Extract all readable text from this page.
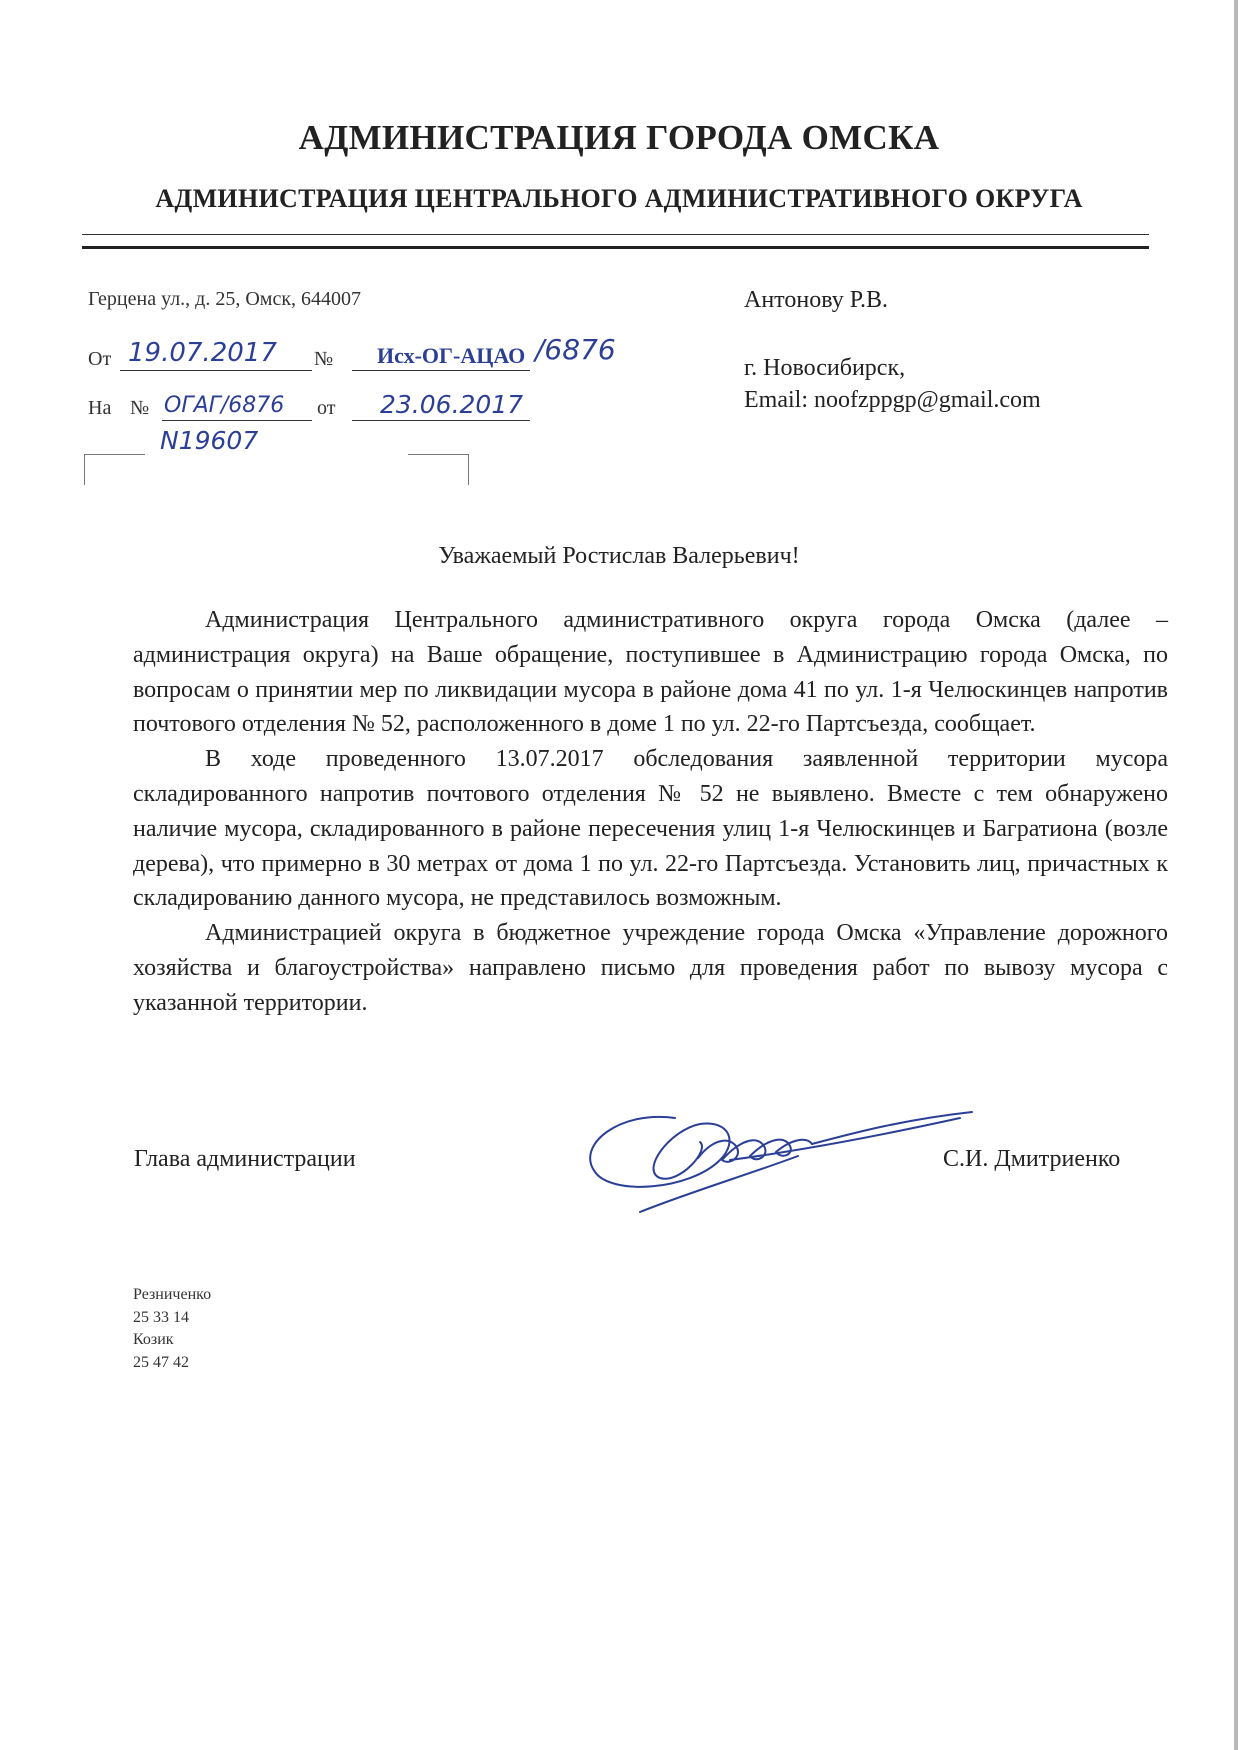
АДМИНИСТРАЦИЯ ГОРОДА ОМСКА
АДМИНИСТРАЦИЯ ЦЕНТРАЛЬНОГО АДМИНИСТРАТИВНОГО ОКРУГА
Герцена ул., д. 25, Омск, 644007
От 19.07.2017 № Исх-ОГ-АЦАО /6876
На № ОГАГ/6876 от 23.06.2017
N19607
Антонову Р.В.
г. Новосибирск,
Email: noofzppgp@gmail.com
Уважаемый Ростислав Валерьевич!

Администрация Центрального административного округа города Омска (далее – администрация округа) на Ваше обращение, поступившее в Администрацию города Омска, по вопросам о принятии мер по ликвидации мусора в районе дома 41 по ул. 1-я Челюскинцев напротив почтового отделения № 52, расположенного в доме 1 по ул. 22-го Партсъезда, сообщает.

В ходе проведенного 13.07.2017 обследования заявленной территории мусора складированного напротив почтового отделения № 52 не выявлено. Вместе с тем обнаружено наличие мусора, складированного в районе пересечения улиц 1-я Челюскинцев и Багратиона (возле дерева), что примерно в 30 метрах от дома 1 по ул. 22-го Партсъезда. Установить лиц, причастных к складированию данного мусора, не представилось возможным.

Администрацией округа в бюджетное учреждение города Омска «Управление дорожного хозяйства и благоустройства» направлено письмо для проведения работ по вывозу мусора с указанной территории.

Глава администрации	С.И. Дмитриенко
Резниченко
25 33 14
Козик
25 47 42
